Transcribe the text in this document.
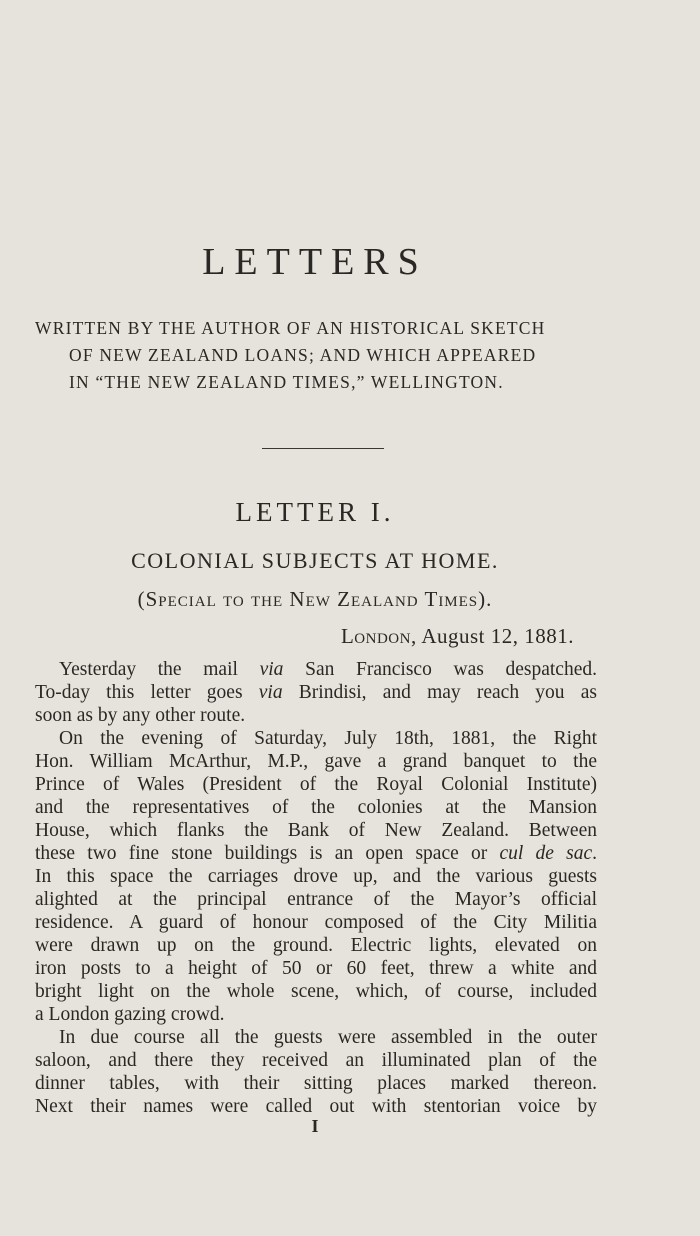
LETTERS
WRITTEN BY THE AUTHOR OF AN HISTORICAL SKETCH
OF NEW ZEALAND LOANS; AND WHICH APPEARED
IN “THE NEW ZEALAND TIMES,” WELLINGTON.
LETTER I.
COLONIAL SUBJECTS AT HOME.
(Special to the New Zealand Times).
London, August 12, 1881.
Yesterday the mail via San Francisco was despatched.
To-day this letter goes via Brindisi, and may reach you as
soon as by any other route.
On the evening of Saturday, July 18th, 1881, the Right
Hon. William McArthur, M.P., gave a grand banquet to the
Prince of Wales (President of the Royal Colonial Institute)
and the representatives of the colonies at the Mansion
House, which flanks the Bank of New Zealand. Between
these two fine stone buildings is an open space or cul de sac.
In this space the carriages drove up, and the various guests
alighted at the principal entrance of the Mayor’s official
residence. A guard of honour composed of the City Militia
were drawn up on the ground. Electric lights, elevated on
iron posts to a height of 50 or 60 feet, threw a white and
bright light on the whole scene, which, of course, included
a London gazing crowd.
In due course all the guests were assembled in the outer
saloon, and there they received an illuminated plan of the
dinner tables, with their sitting places marked thereon.
Next their names were called out with stentorian voice by
I
